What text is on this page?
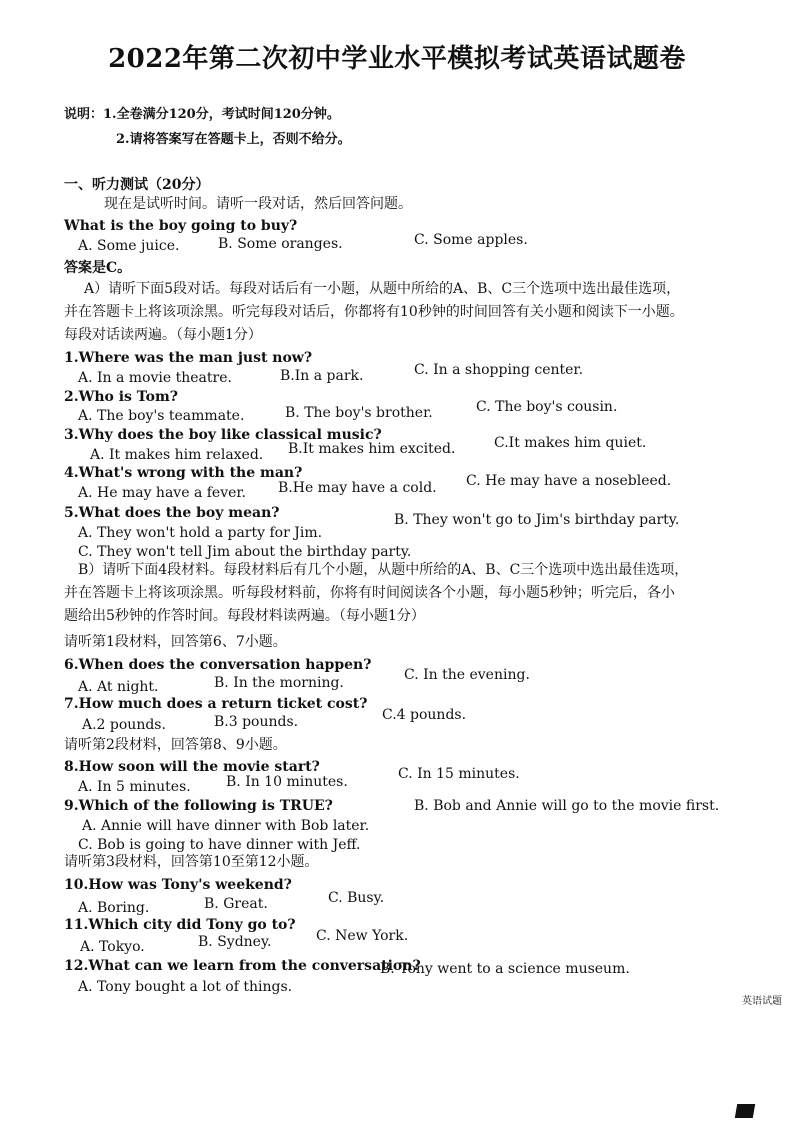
2022年第二次初中学业水平模拟考试英语试题卷
说明：1.全卷满分120分，考试时间120分钟。
2.请将答案写在答题卡上，否则不给分。
一、听力测试（20分）
现在是试听时间。请听一段对话，然后回答问题。
What is the boy going to buy?
A. Some juice.	B. Some oranges.	C. Some apples.
答案是C。
A）请听下面5段对话。每段对话后有一小题，从题中所给的A、B、C三个选项中选出最佳选项，
并在答题卡上将该项涂黑。听完每段对话后，你都将有10秒钟的时间回答有关小题和阅读下一小题。
每段对话读两遍。（每小题1分）
1.Where was the man just now?
A. In a movie theatre.	B.In a park.	C. In a shopping center.
2.Who is Tom?
A. The boy's teammate.	B. The boy's brother.	C. The boy's cousin.
3.Why does the boy like classical music?
A. It makes him relaxed. B.It makes him excited.	C.It makes him quiet.
4.What's wrong with the man?
A. He may have a fever. B.He may have a cold. C. He may have a nosebleed.
5.What does the boy mean?
A. They won't hold a party for Jim.
B. They won't go to Jim's birthday party.
C. They won't tell Jim about the birthday party.
B）请听下面4段材料。每段材料后有几个小题，从题中所给的A、B、C三个选项中选出最佳选项，
并在答题卡上将该项涂黑。听每段材料前，你将有时间阅读各个小题，每小题5秒钟；听完后，各小
题给出5秒钟的作答时间。每段材料读两遍。（每小题1分）
请听第1段材料，回答第6、7小题。
6.When does the conversation happen?
A. At night.	B. In the morning.	C. In the evening.
7.How much does a return ticket cost?
A.2 pounds.	B.3 pounds.	C.4 pounds.
请听第2段材料，回答第8、9小题。
8.How soon will the movie start?
A. In 5 minutes.	B. In 10 minutes.	C. In 15 minutes.
9.Which of the following is TRUE?
A. Annie will have dinner with Bob later.
B. Bob and Annie will go to the movie first.
C. Bob is going to have dinner with Jeff.
请听第3段材料，回答第10至第12小题。
10.How was Tony's weekend?
A. Boring.	B. Great.	C. Busy.
11.Which city did Tony go to?
A. Tokyo.	B. Sydney.	C. New York.
12.What can we learn from the conversation?
A. Tony bought a lot of things.
B. Tony went to a science museum.
英语试题
